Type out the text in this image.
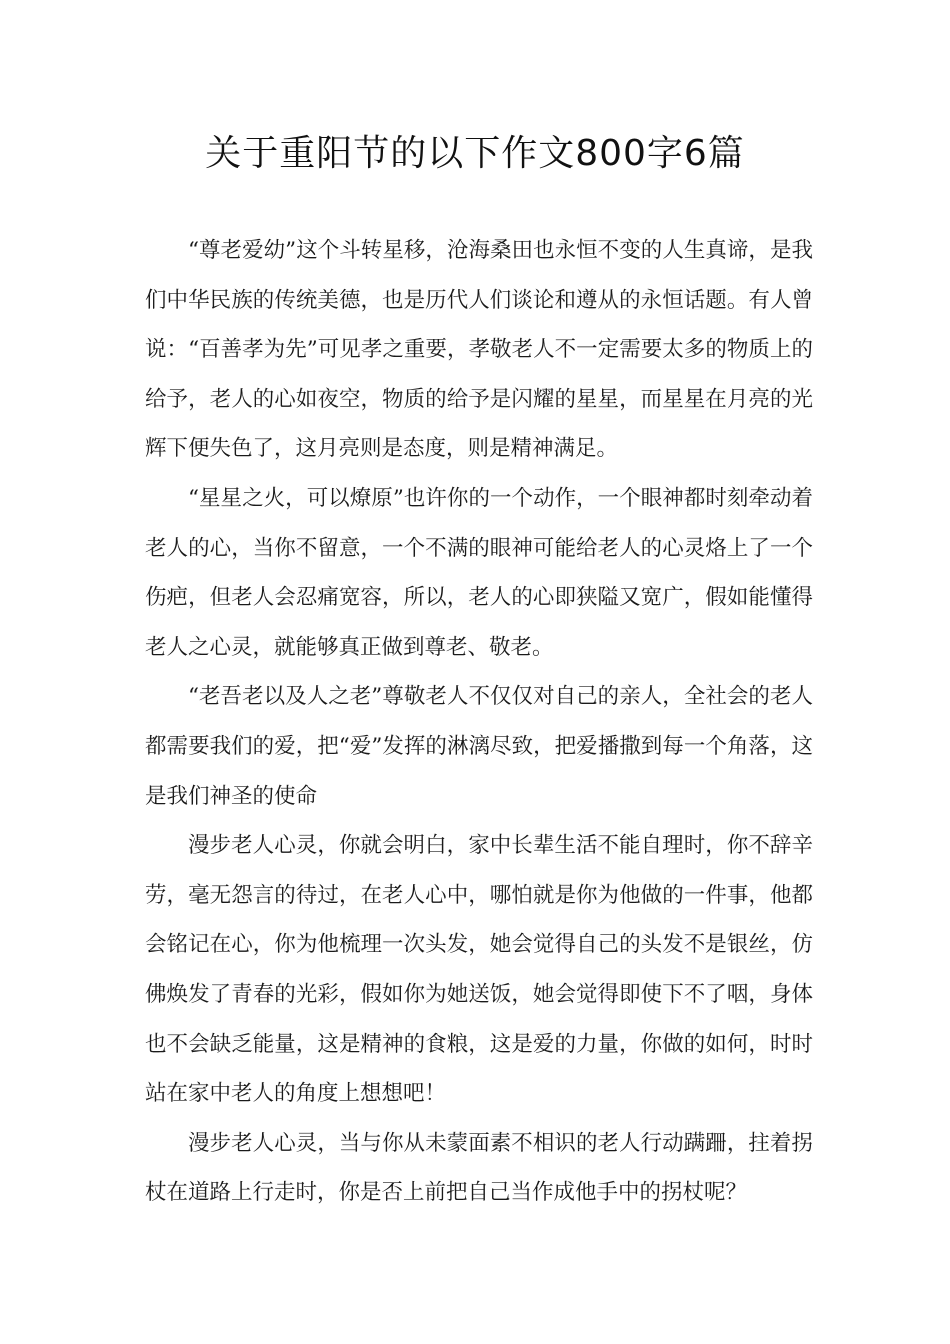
关于重阳节的以下作文800字6篇

“尊老爱幼”这个斗转星移，沧海桑田也永恒不变的人生真谛，是我们中华民族的传统美德，也是历代人们谈论和遵从的永恒话题。有人曾说：“百善孝为先”可见孝之重要，孝敬老人不一定需要太多的物质上的给予，老人的心如夜空，物质的给予是闪耀的星星，而星星在月亮的光辉下便失色了，这月亮则是态度，则是精神满足。

“星星之火，可以燎原”也许你的一个动作，一个眼神都时刻牵动着老人的心，当你不留意，一个不满的眼神可能给老人的心灵烙上了一个伤疤，但老人会忍痛宽容，所以，老人的心即狭隘又宽广，假如能懂得老人之心灵，就能够真正做到尊老、敬老。

“老吾老以及人之老”尊敬老人不仅仅对自己的亲人，全社会的老人都需要我们的爱，把“爱”发挥的淋漓尽致，把爱播撒到每一个角落，这是我们神圣的使命

漫步老人心灵，你就会明白，家中长辈生活不能自理时，你不辞辛劳，毫无怨言的待过，在老人心中，哪怕就是你为他做的一件事，他都会铭记在心，你为他梳理一次头发，她会觉得自己的头发不是银丝，仿佛焕发了青春的光彩，假如你为她送饭，她会觉得即使下不了咽，身体也不会缺乏能量，这是精神的食粮，这是爱的力量，你做的如何，时时站在家中老人的角度上想想吧！

漫步老人心灵，当与你从未蒙面素不相识的老人行动蹒跚，拄着拐杖在道路上行走时，你是否上前把自己当作成他手中的拐杖呢？
